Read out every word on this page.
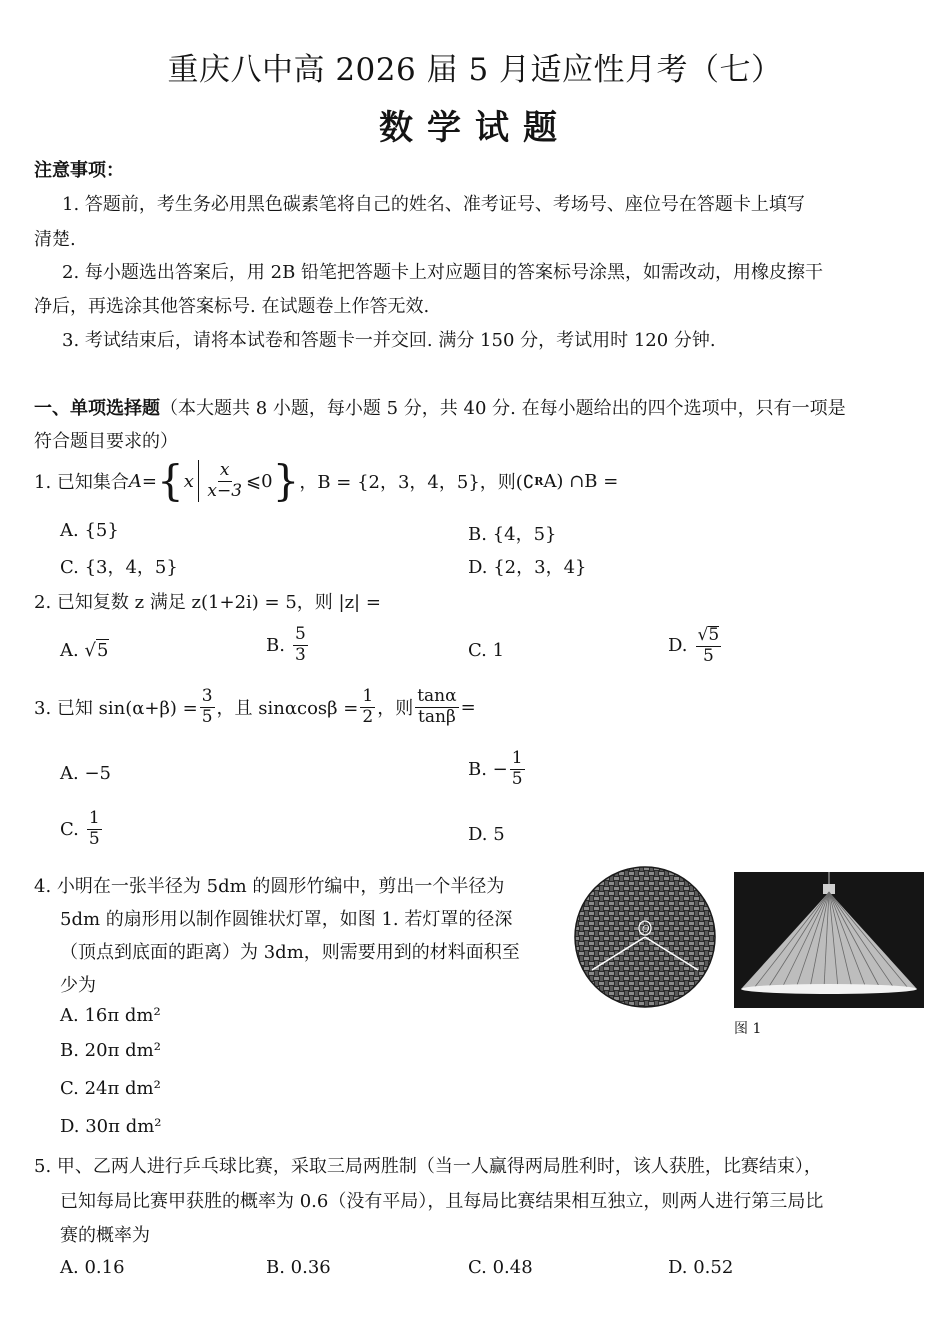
重庆八中高 2026 届 5 月适应性月考（七）
数学试题
注意事项：
1. 答题前，考生务必用黑色碳素笔将自己的姓名、准考证号、考场号、座位号在答题卡上填写
清楚.
2. 每小题选出答案后，用 2B 铅笔把答题卡上对应题目的答案标号涂黑，如需改动，用橡皮擦干
净后，再选涂其他答案标号. 在试题卷上作答无效.
3. 考试结束后，请将本试卷和答题卡一并交回. 满分 150 分，考试用时 120 分钟.
一、单项选择题（本大题共 8 小题，每小题 5 分，共 40 分. 在每小题给出的四个选项中，只有一项是
符合题目要求的）
1. 已知集合 A = { x $\frac{x}{x-3}$ ⩽0 } ，B = {2，3，4，5}，则(∁ R A) ∩B =
A. {5}	B. {4，5}
C. {3，4，5}	D. {2，3，4}
2. 已知复数 z 满足 z(1+2i) = 5，则 |z| =
A. √5	B. $\frac{5}{3}$	C. 1	D. $\frac{√5}{5}$
3. 已知 $\sin(\alpha+\beta) = \frac{3}{5}$ ，且 $\sin\alpha\cos\beta = \frac{1}{2}$ ，则 $\frac{\tan\alpha}{\tan\beta}$ =
A. −5	B. − $\frac{1}{5}$
C. $\frac{1}{5}$	D. 5
4. 小明在一张半径为 5dm 的圆形竹编中，剪出一个半径为
5dm 的扇形用以制作圆锥状灯罩，如图 1. 若灯罩的径深
（顶点到底面的距离）为 3dm，则需要用到的材料面积至
少为
A. 16π dm²
B. 20π dm²
C. 24π dm²
D. 30π dm²
O
图 1
5. 甲、乙两人进行乒乓球比赛，采取三局两胜制（当一人赢得两局胜利时，该人获胜，比赛结束），
已知每局比赛甲获胜的概率为 0.6（没有平局），且每局比赛结果相互独立，则两人进行第三局比
赛的概率为
A. 0.16	B. 0.36	C. 0.48	D. 0.52
